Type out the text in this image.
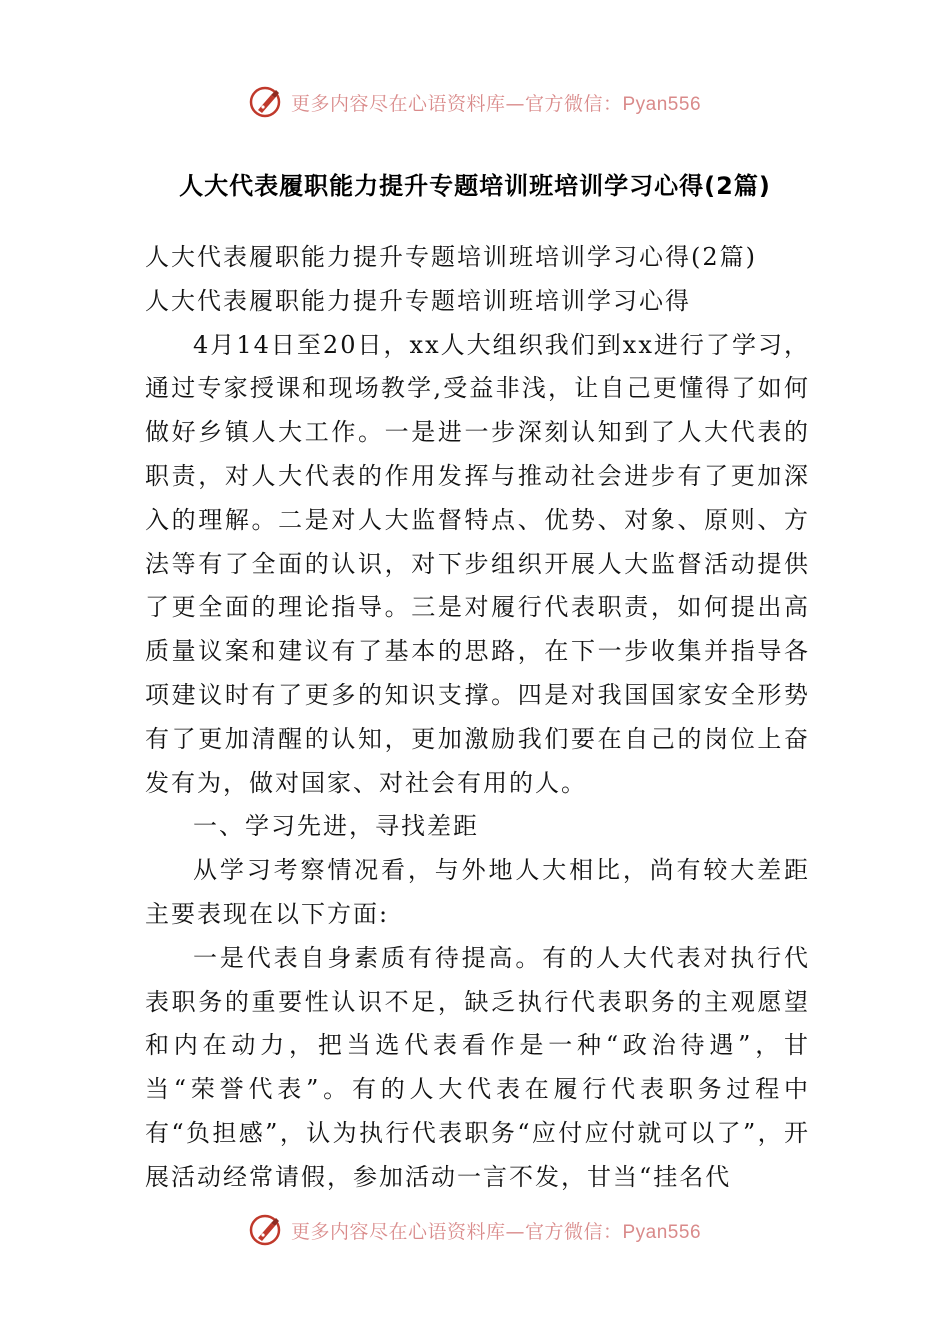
更多内容尽在心语资料库—官方微信：Pyan556
人大代表履职能力提升专题培训班培训学习心得(2篇)

人大代表履职能力提升专题培训班培训学习心得(2篇)

人大代表履职能力提升专题培训班培训学习心得

4月14日至20日，xx人大组织我们到xx进行了学习，通过专家授课和现场教学,受益非浅，让自己更懂得了如何做好乡镇人大工作。一是进一步深刻认知到了人大代表的职责，对人大代表的作用发挥与推动社会进步有了更加深入的理解。二是对人大监督特点、优势、对象、原则、方法等有了全面的认识，对下步组织开展人大监督活动提供了更全面的理论指导。三是对履行代表职责，如何提出高质量议案和建议有了基本的思路，在下一步收集并指导各项建议时有了更多的知识支撑。四是对我国国家安全形势有了更加清醒的认知，更加激励我们要在自己的岗位上奋发有为，做对国家、对社会有用的人。

一、学习先进，寻找差距

从学习考察情况看，与外地人大相比，尚有较大差距主要表现在以下方面:

一是代表自身素质有待提高。有的人大代表对执行代表职务的重要性认识不足，缺乏执行代表职务的主观愿望和内在动力，把当选代表看作是一种“政治待遇”，甘当“荣誉代表”。有的人大代表在履行代表职务过程中有“负担感”，认为执行代表职务“应付应付就可以了”，开展活动经常请假，参加活动一言不发，甘当“挂名代

更多内容尽在心语资料库—官方微信：Pyan556
